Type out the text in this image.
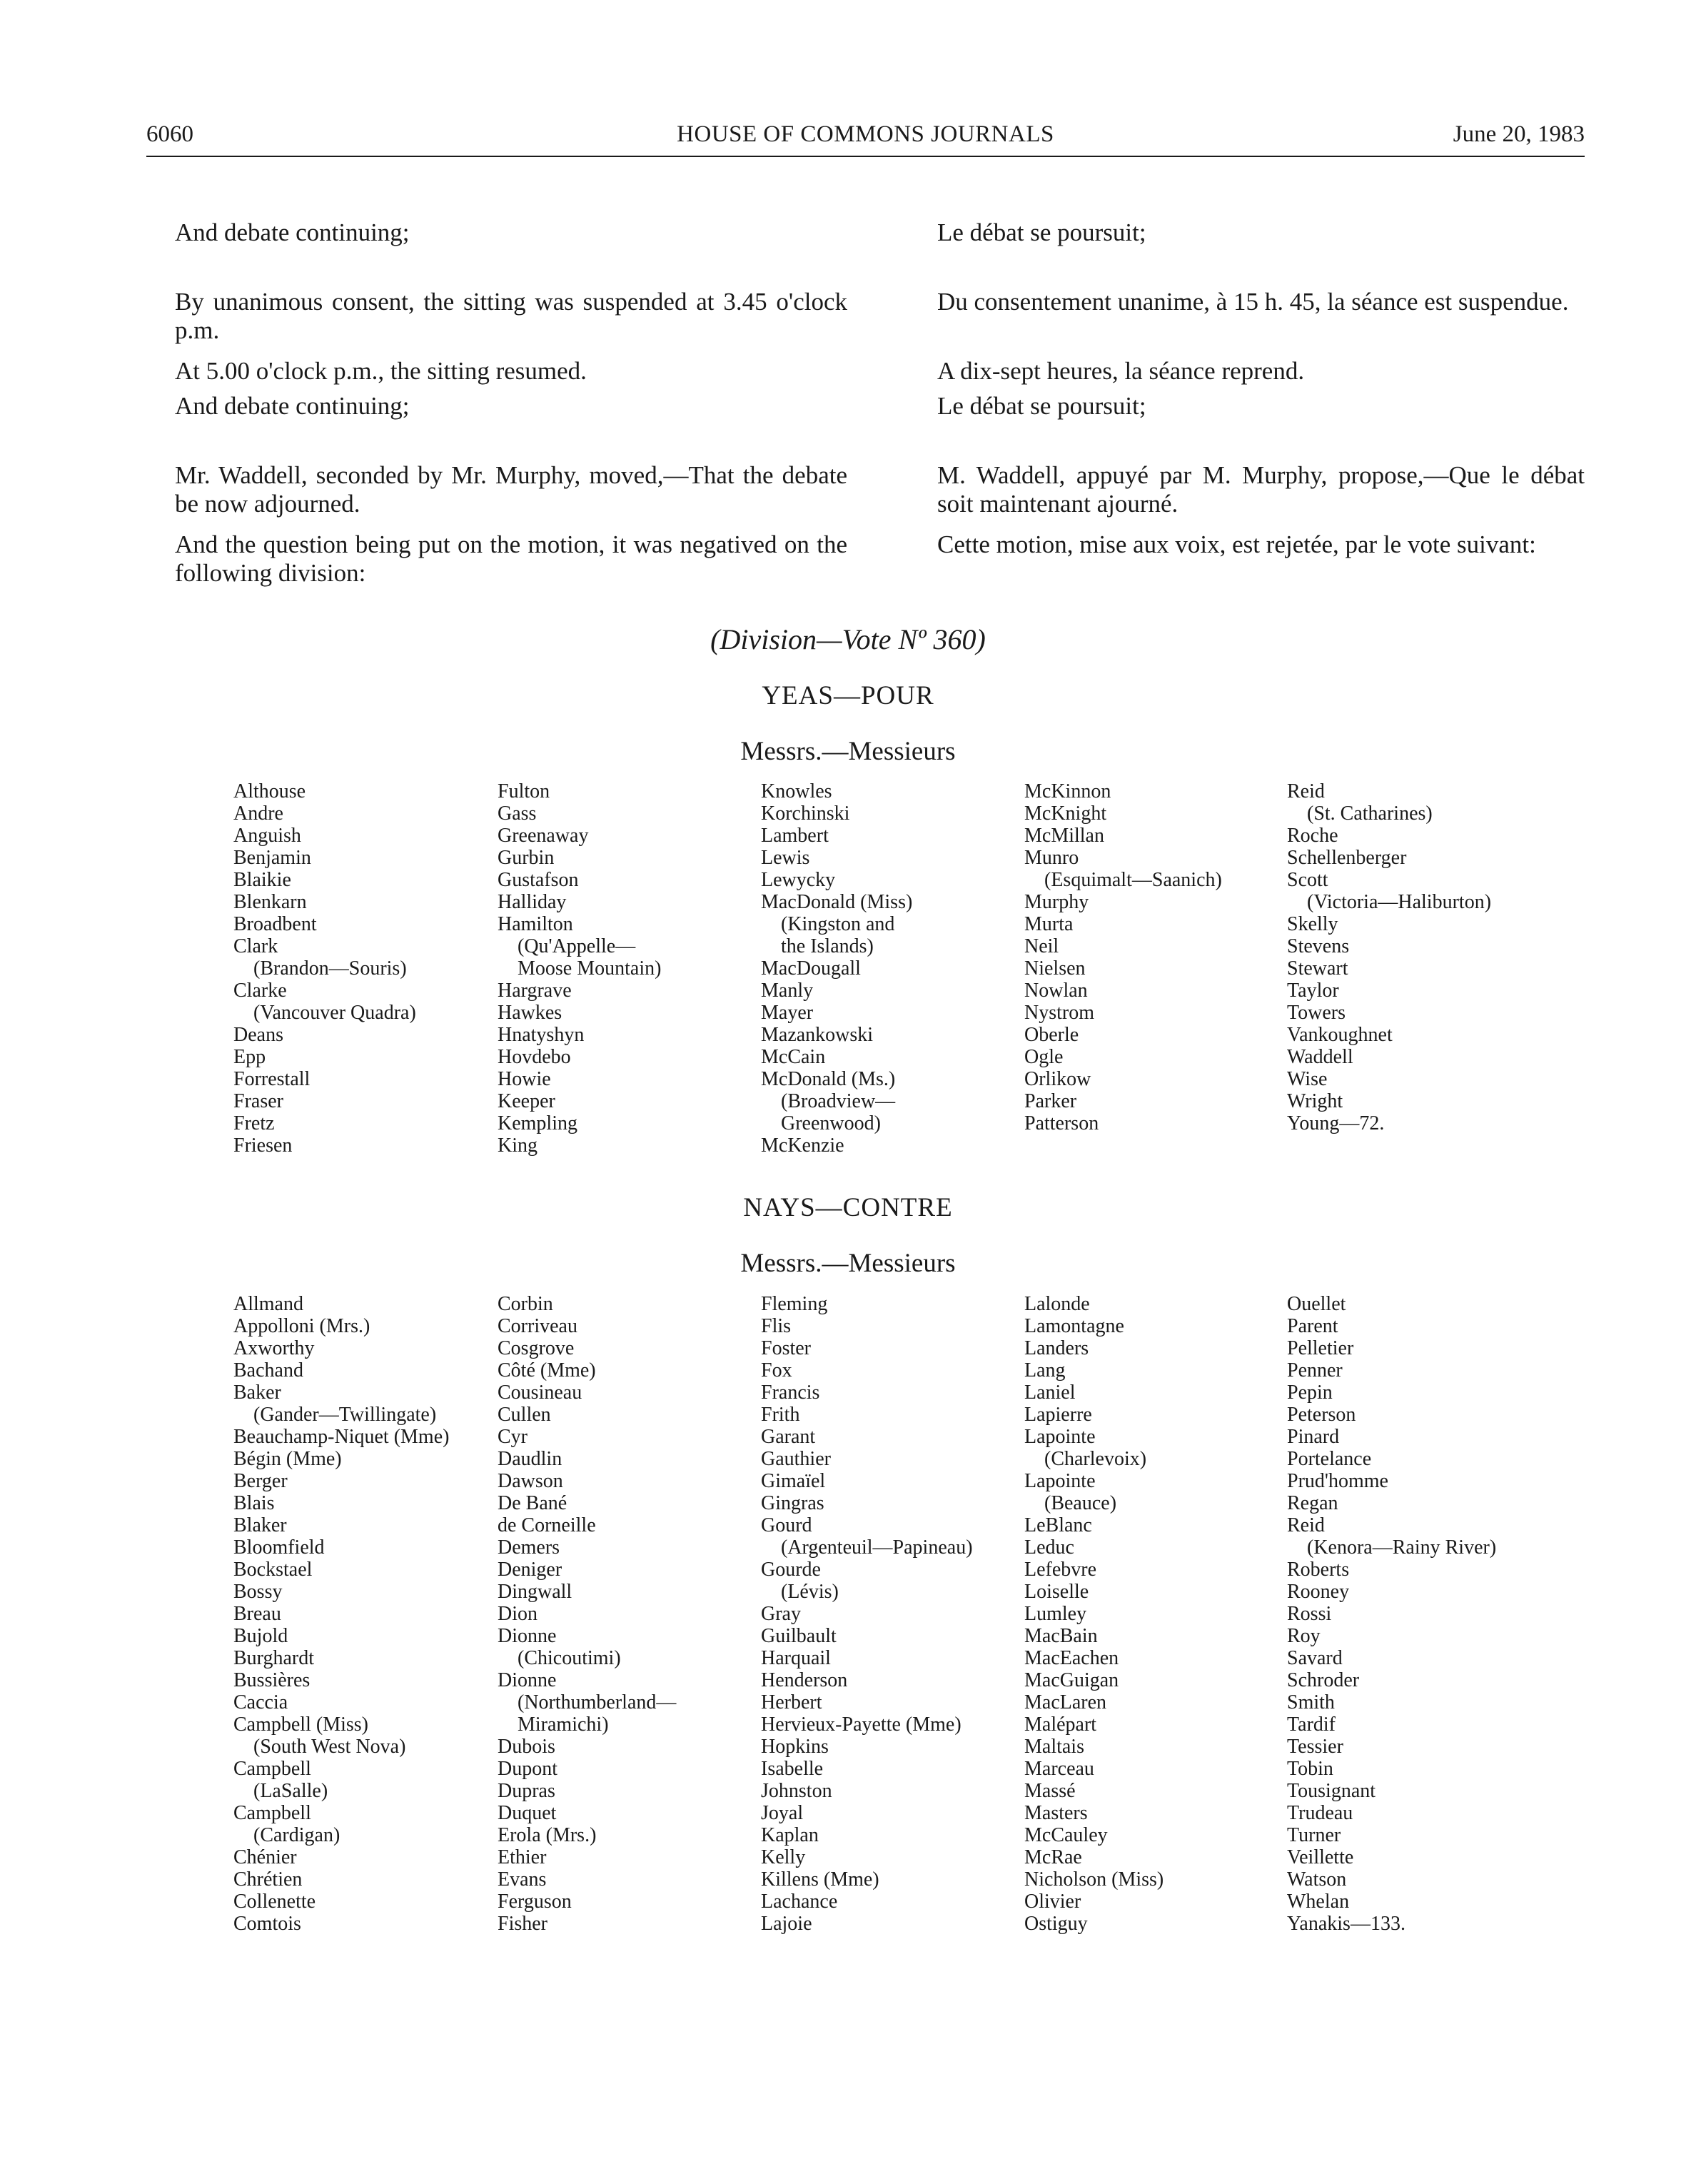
6060	HOUSE OF COMMONS JOURNALS	June 20, 1983
And debate continuing;
By unanimous consent, the sitting was suspended at 3.45 o'clock p.m.
At 5.00 o'clock p.m., the sitting resumed.
And debate continuing;
Mr. Waddell, seconded by Mr. Murphy, moved,—That the debate be now adjourned.
And the question being put on the motion, it was negatived on the following division:
Le débat se poursuit;
Du consentement unanime, à 15 h. 45, la séance est suspendue.
A dix-sept heures, la séance reprend.
Le débat se poursuit;
M. Waddell, appuyé par M. Murphy, propose,—Que le débat soit maintenant ajourné.
Cette motion, mise aux voix, est rejetée, par le vote suivant:
(Division—Vote Nº 360)
YEAS—POUR
Messrs.—Messieurs
Althouse
Andre
Anguish
Benjamin
Blaikie
Blenkarn
Broadbent
Clark
(Brandon—Souris)
Clarke
(Vancouver Quadra)
Deans
Epp
Forrestall
Fraser
Fretz
Friesen
Fulton
Gass
Greenaway
Gurbin
Gustafson
Halliday
Hamilton
(Qu'Appelle—
Moose Mountain)
Hargrave
Hawkes
Hnatyshyn
Hovdebo
Howie
Keeper
Kempling
King
Knowles
Korchinski
Lambert
Lewis
Lewycky
MacDonald (Miss)
(Kingston and
the Islands)
MacDougall
Manly
Mayer
Mazankowski
McCain
McDonald (Ms.)
(Broadview—
Greenwood)
McKenzie
McKinnon
McKnight
McMillan
Munro
(Esquimalt—Saanich)
Murphy
Murta
Neil
Nielsen
Nowlan
Nystrom
Oberle
Ogle
Orlikow
Parker
Patterson
Reid
(St. Catharines)
Roche
Schellenberger
Scott
(Victoria—Haliburton)
Skelly
Stevens
Stewart
Taylor
Towers
Vankoughnet
Waddell
Wise
Wright
Young—72.
NAYS—CONTRE
Messrs.—Messieurs
Allmand
Appolloni (Mrs.)
Axworthy
Bachand
Baker
(Gander—Twillingate)
Beauchamp-Niquet (Mme)
Bégin (Mme)
Berger
Blais
Blaker
Bloomfield
Bockstael
Bossy
Breau
Bujold
Burghardt
Bussières
Caccia
Campbell (Miss)
(South West Nova)
Campbell
(LaSalle)
Campbell
(Cardigan)
Chénier
Chrétien
Collenette
Comtois
Corbin
Corriveau
Cosgrove
Côté (Mme)
Cousineau
Cullen
Cyr
Daudlin
Dawson
De Bané
de Corneille
Demers
Deniger
Dingwall
Dion
Dionne
(Chicoutimi)
Dionne
(Northumberland—
Miramichi)
Dubois
Dupont
Dupras
Duquet
Erola (Mrs.)
Ethier
Evans
Ferguson
Fisher
Fleming
Flis
Foster
Fox
Francis
Frith
Garant
Gauthier
Gimaïel
Gingras
Gourd
(Argenteuil—Papineau)
Gourde
(Lévis)
Gray
Guilbault
Harquail
Henderson
Herbert
Hervieux-Payette (Mme)
Hopkins
Isabelle
Johnston
Joyal
Kaplan
Kelly
Killens (Mme)
Lachance
Lajoie
Lalonde
Lamontagne
Landers
Lang
Laniel
Lapierre
Lapointe
(Charlevoix)
Lapointe
(Beauce)
LeBlanc
Leduc
Lefebvre
Loiselle
Lumley
MacBain
MacEachen
MacGuigan
MacLaren
Malépart
Maltais
Marceau
Massé
Masters
McCauley
McRae
Nicholson (Miss)
Olivier
Ostiguy
Ouellet
Parent
Pelletier
Penner
Pepin
Peterson
Pinard
Portelance
Prud'homme
Regan
Reid
(Kenora—Rainy River)
Roberts
Rooney
Rossi
Roy
Savard
Schroder
Smith
Tardif
Tessier
Tobin
Tousignant
Trudeau
Turner
Veillette
Watson
Whelan
Yanakis—133.
